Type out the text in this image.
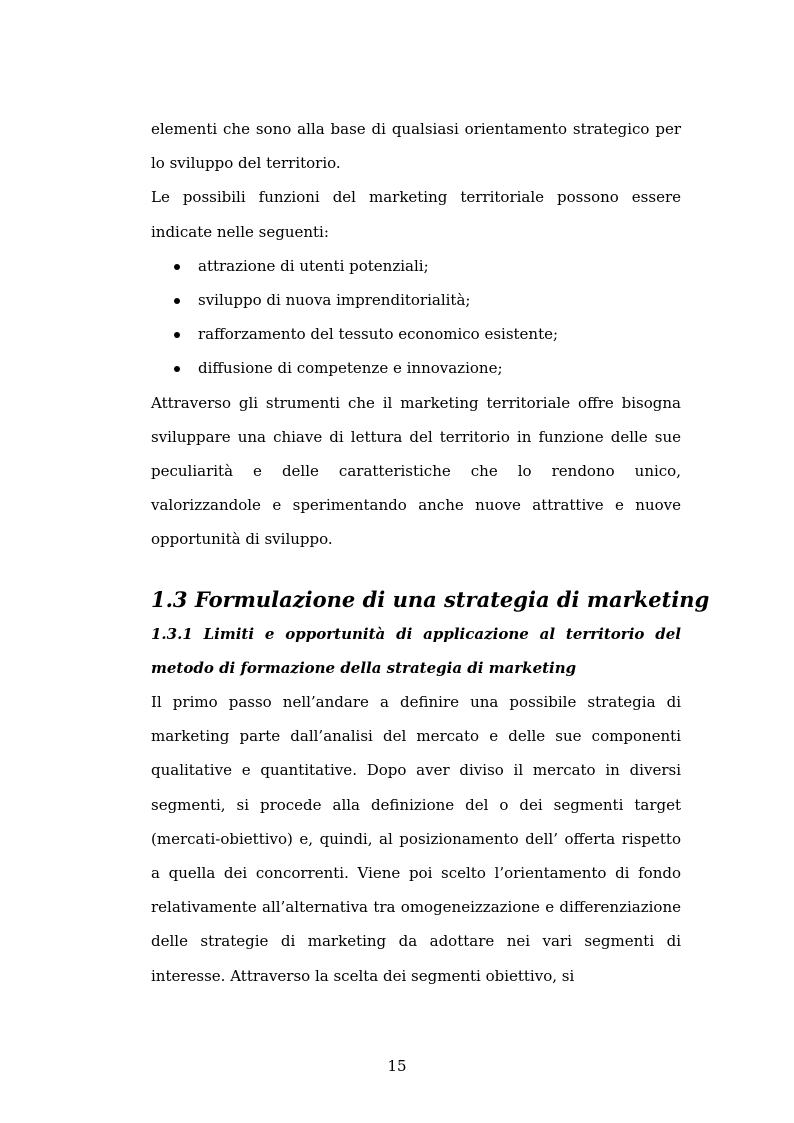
elementi che sono alla base di qualsiasi orientamento strategico per lo sviluppo del territorio.

Le possibili funzioni del marketing territoriale possono essere indicate nelle seguenti:

attrazione di utenti potenziali;
sviluppo di nuova imprenditorialità;
rafforzamento del tessuto economico esistente;
diffusione di competenze e innovazione;

Attraverso gli strumenti che il marketing territoriale offre bisogna sviluppare una chiave di lettura del territorio in funzione delle sue peculiarità e delle caratteristiche che lo rendono unico, valorizzandole e sperimentando anche nuove attrattive e nuove opportunità di sviluppo.

1.3 Formulazione di una strategia di marketing
1.3.1 Limiti e opportunità di applicazione al territorio del metodo di formazione della strategia di marketing

Il primo passo nell’andare a definire una possibile strategia di marketing parte dall’analisi del mercato e delle sue componenti qualitative e quantitative. Dopo aver diviso il mercato in diversi segmenti, si procede alla definizione del o dei segmenti target (mercati-obiettivo) e, quindi, al posizionamento dell’ offerta rispetto a quella dei concorrenti. Viene poi scelto l’orientamento di fondo relativamente all’alternativa tra omogeneizzazione e differenziazione delle strategie di marketing da adottare nei vari segmenti di interesse. Attraverso la scelta dei segmenti obiettivo, si

15
